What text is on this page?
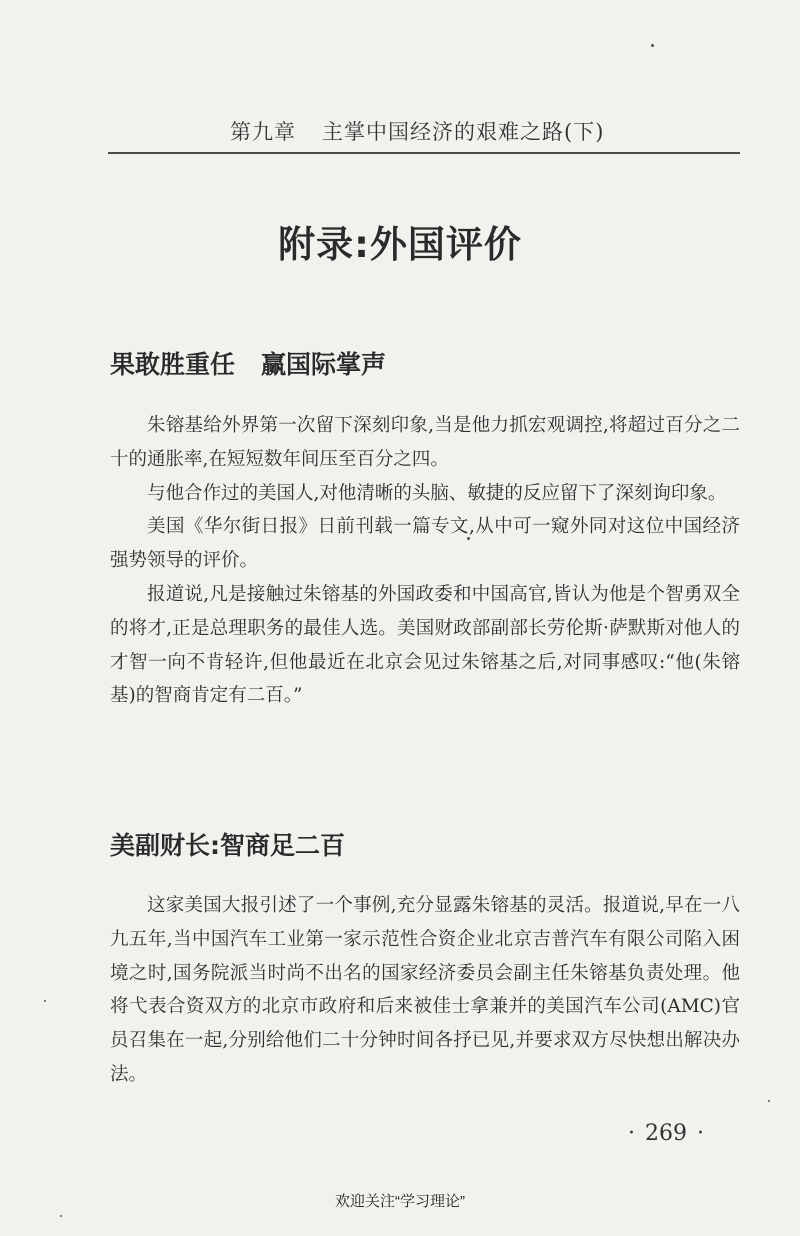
第九章 主掌中国经济的艰难之路(下)
附录:外国评价
果敢胜重任 赢国际掌声

朱镕基给外界第一次留下深刻印象,当是他力抓宏观调控,将超过百分之二十的通胀率,在短短数年间压至百分之四。

与他合作过的美国人,对他清晰的头脑、敏捷的反应留下了深刻询印象。

美国《华尔街日报》日前刊载一篇专文,从中可一窥外同对这位中国经济强势领导的评价。

报道说,凡是接触过朱镕基的外国政委和中国高官,皆认为他是个智勇双全的将才,正是总理职务的最佳人选。美国财政部副部长劳伦斯·萨默斯对他人的才智一向不肯轻许,但他最近在北京会见过朱镕基之后,对同事感叹:“他(朱镕基)的智商肯定有二百。”

美副财长:智商足二百

这家美国大报引述了一个事例,充分显露朱镕基的灵活。报道说,早在一八九五年,当中国汽车工业第一家示范性合资企业北京吉普汽车有限公司陷入困境之时,国务院派当时尚不出名的国家经济委员会副主任朱镕基负责处理。他将弋表合资双方的北京市政府和后来被佳士拿兼并的美国汽车公司(AMC)官员召集在一起,分别给他们二十分钟时间各抒已见,并要求双方尽快想出解决办法。

· 269 ·
欢迎关注“学习理论”
